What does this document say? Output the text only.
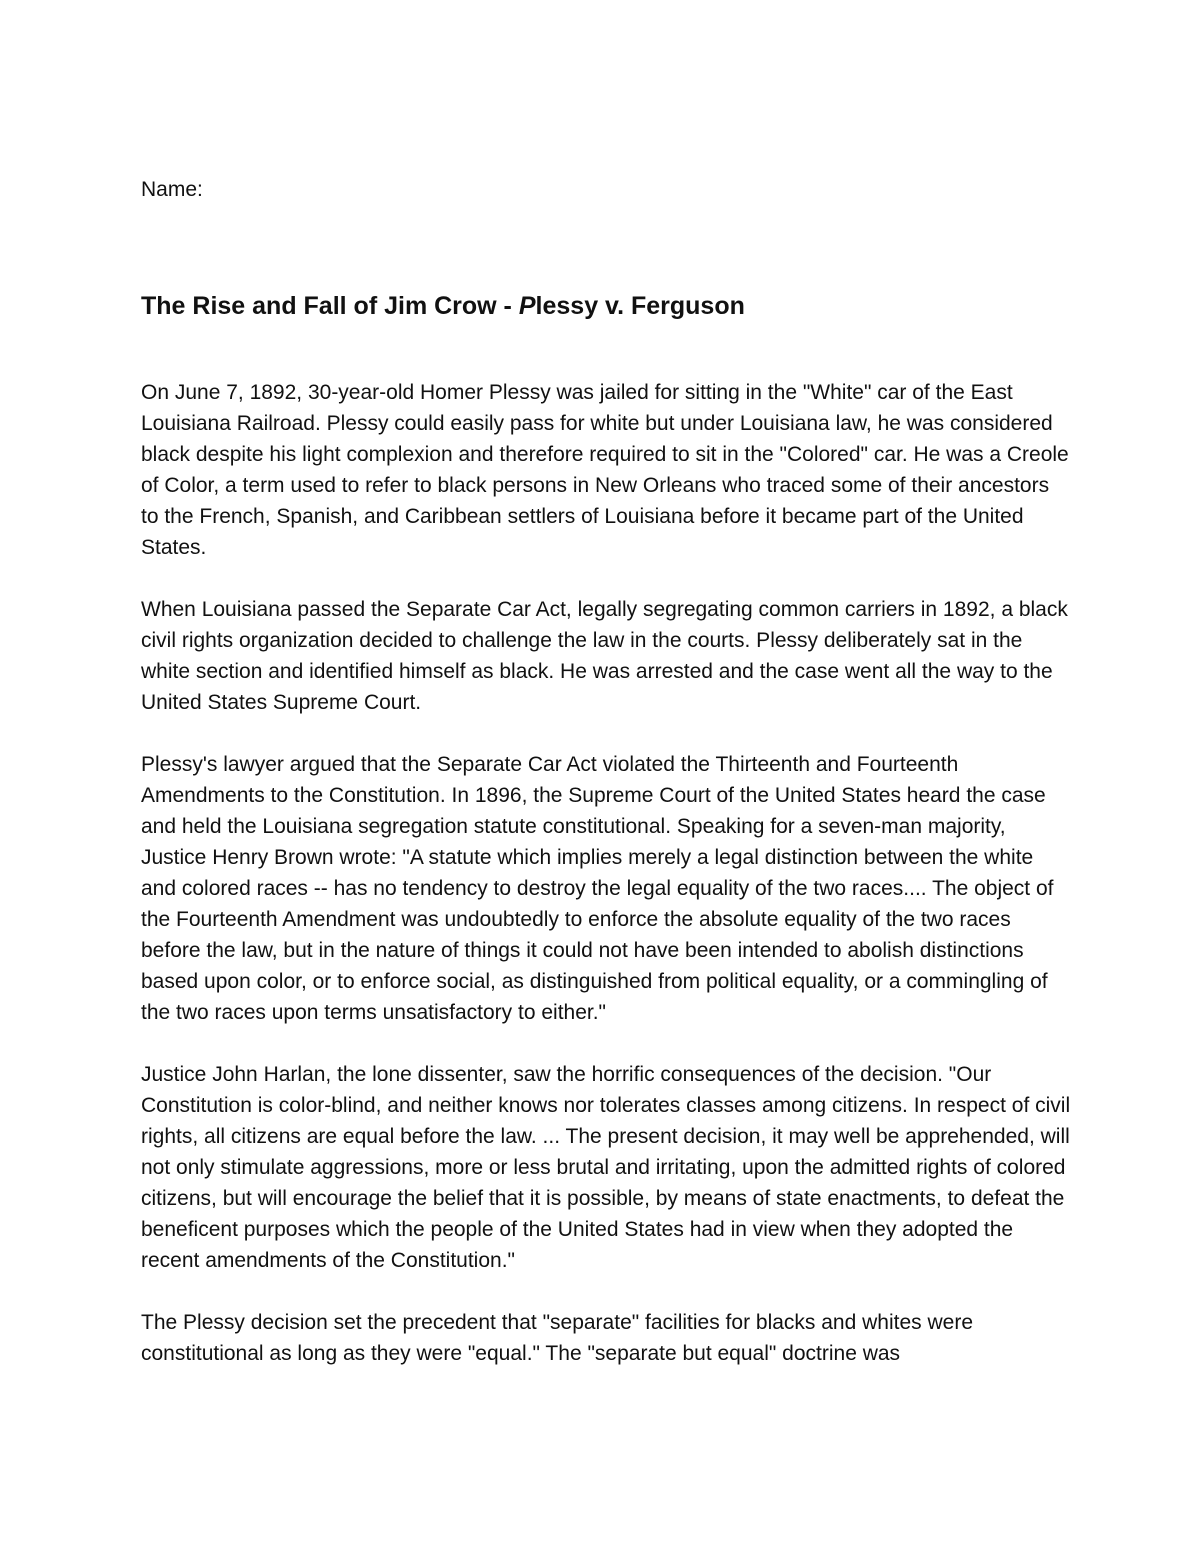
Name:

The Rise and Fall of Jim Crow - Plessy v. Ferguson

On June 7, 1892, 30-year-old Homer Plessy was jailed for sitting in the "White" car of the East Louisiana Railroad. Plessy could easily pass for white but under Louisiana law, he was considered black despite his light complexion and therefore required to sit in the "Colored" car. He was a Creole of Color, a term used to refer to black persons in New Orleans who traced some of their ancestors to the French, Spanish, and Caribbean settlers of Louisiana before it became part of the United States.

When Louisiana passed the Separate Car Act, legally segregating common carriers in 1892, a black civil rights organization decided to challenge the law in the courts. Plessy deliberately sat in the white section and identified himself as black. He was arrested and the case went all the way to the United States Supreme Court.

Plessy's lawyer argued that the Separate Car Act violated the Thirteenth and Fourteenth Amendments to the Constitution. In 1896, the Supreme Court of the United States heard the case and held the Louisiana segregation statute constitutional. Speaking for a seven-man majority, Justice Henry Brown wrote: "A statute which implies merely a legal distinction between the white and colored races -- has no tendency to destroy the legal equality of the two races.... The object of the Fourteenth Amendment was undoubtedly to enforce the absolute equality of the two races before the law, but in the nature of things it could not have been intended to abolish distinctions based upon color, or to enforce social, as distinguished from political equality, or a commingling of the two races upon terms unsatisfactory to either."

Justice John Harlan, the lone dissenter, saw the horrific consequences of the decision. "Our Constitution is color-blind, and neither knows nor tolerates classes among citizens. In respect of civil rights, all citizens are equal before the law. ... The present decision, it may well be apprehended, will not only stimulate aggressions, more or less brutal and irritating, upon the admitted rights of colored citizens, but will encourage the belief that it is possible, by means of state enactments, to defeat the beneficent purposes which the people of the United States had in view when they adopted the recent amendments of the Constitution."

The Plessy decision set the precedent that "separate" facilities for blacks and whites were constitutional as long as they were "equal." The "separate but equal" doctrine was
